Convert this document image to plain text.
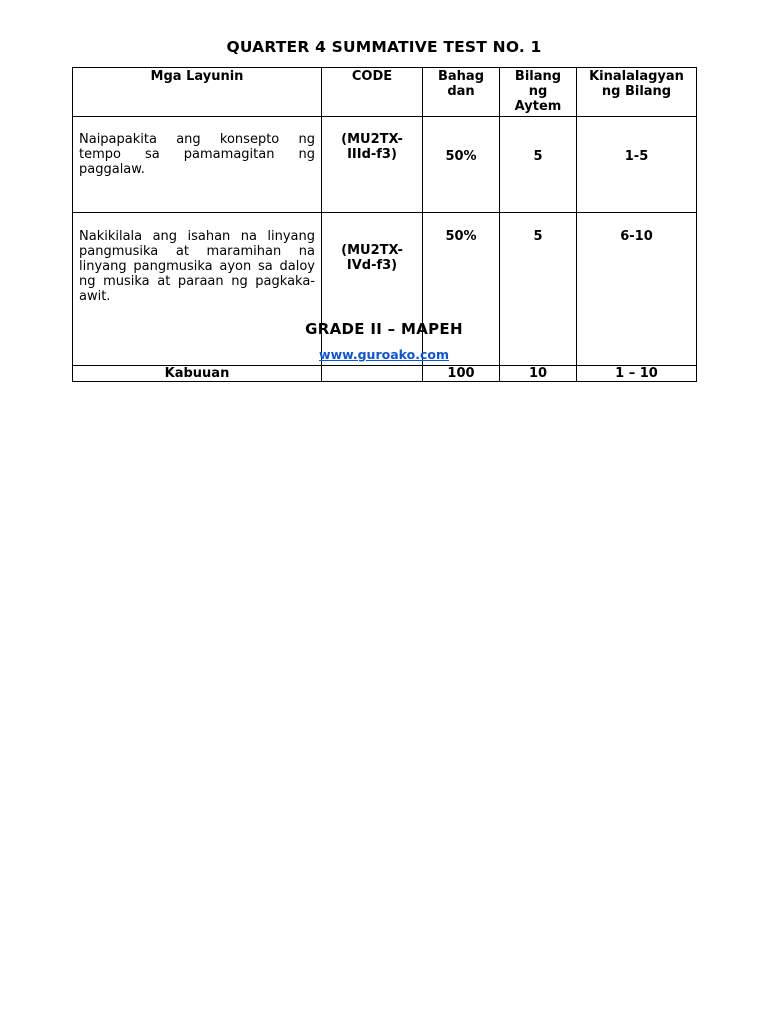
QUARTER 4 SUMMATIVE TEST NO. 1
Mga Layunin	CODE	Bahag dan	Bilang ng Aytem	Kinalalagyan ng Bilang
Naipapakita ang konsepto ng tempo sa pamamagitan ng paggalaw.	(MU2TX-IIId-f3)	50%	5	1-5
Nakikilala ang isahan na linyang pangmusika at maramihan na linyang pangmusika ayon sa daloy ng musika at paraan ng pagkaka-awit.	(MU2TX-IVd-f3)	50%	5	6-10
Kabuuan		100	10	1 – 10
GRADE II – MAPEH
www.guroako.com
